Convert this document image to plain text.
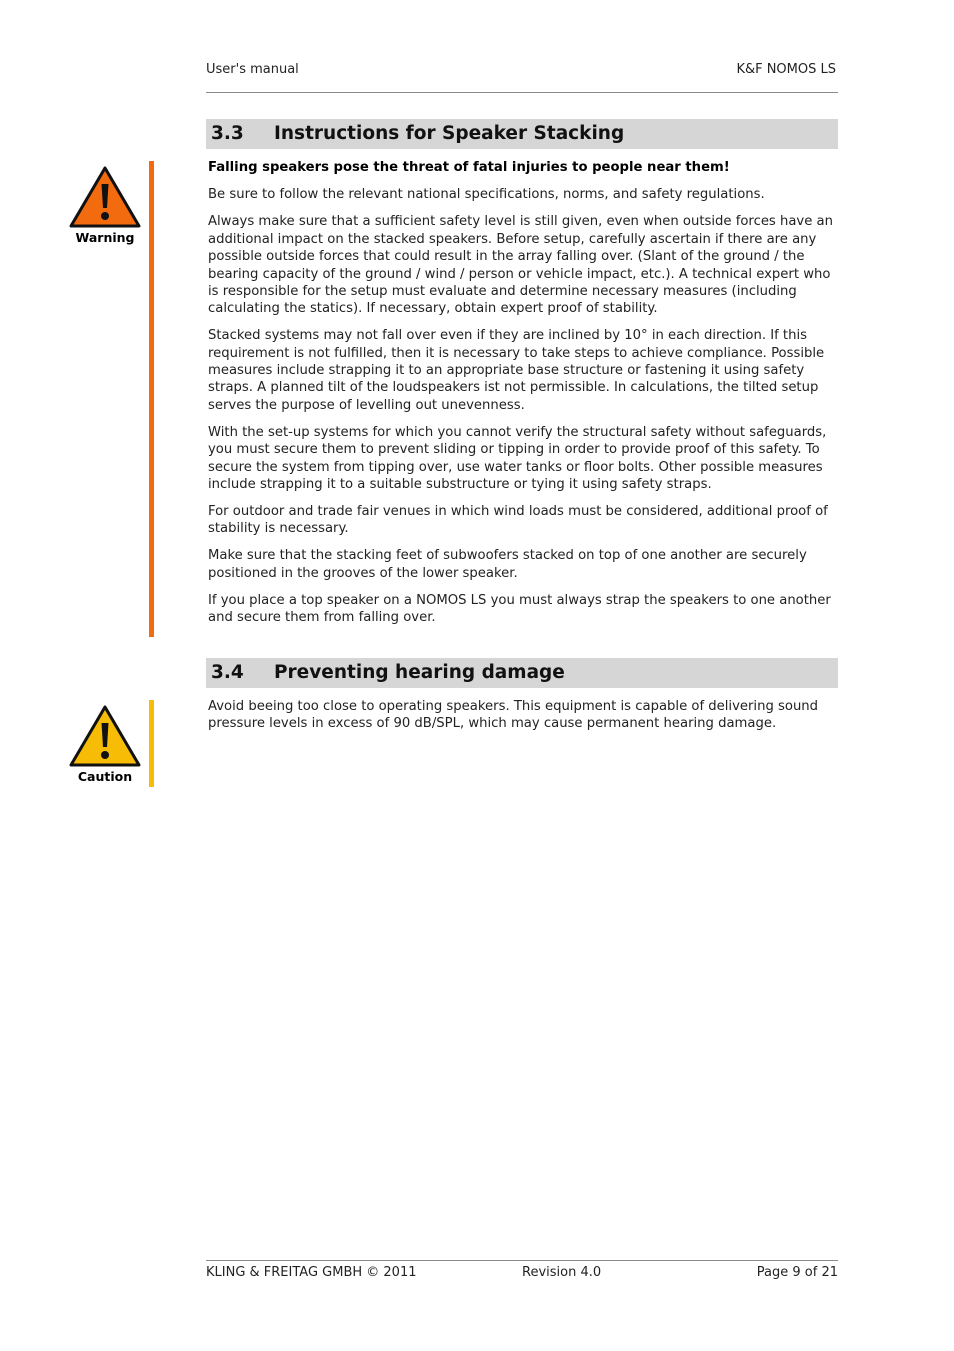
User's manual	K&F NOMOS LS
3.3 Instructions for Speaker Stacking
Warning

Falling speakers pose the threat of fatal injuries to people near them!

Be sure to follow the relevant national specifications, norms, and safety regulations.

Always make sure that a sufficient safety level is still given, even when outside forces have an additional impact on the stacked speakers. Before setup, carefully ascertain if there are any possible outside forces that could result in the array falling over. (Slant of the ground / the bearing capacity of the ground / wind / person or vehicle impact, etc.). A technical expert who is responsible for the setup must evaluate and determine necessary measures (including calculating the statics). If necessary, obtain expert proof of stability.

Stacked systems may not fall over even if they are inclined by 10° in each direction. If this requirement is not fulfilled, then it is necessary to take steps to achieve compliance. Possible measures include strapping it to an appropriate base structure or fastening it using safety straps. A planned tilt of the loudspeakers ist not permissible. In calculations, the tilted setup serves the purpose of levelling out unevenness.

With the set-up systems for which you cannot verify the structural safety without safeguards, you must secure them to prevent sliding or tipping in order to provide proof of this safety. To secure the system from tipping over, use water tanks or floor bolts. Other possible measures include strapping it to a suitable substructure or tying it using safety straps.

For outdoor and trade fair venues in which wind loads must be considered, additional proof of stability is necessary.

Make sure that the stacking feet of subwoofers stacked on top of one another are securely positioned in the grooves of the lower speaker.

If you place a top speaker on a NOMOS LS you must always strap the speakers to one another and secure them from falling over.

3.4 Preventing hearing damage
Caution

Avoid beeing too close to operating speakers. This equipment is capable of delivering sound pressure levels in excess of 90 dB/SPL, which may cause permanent hearing damage.

KLING & FREITAG GMBH © 2011	Revision 4.0	Page 9 of 21
